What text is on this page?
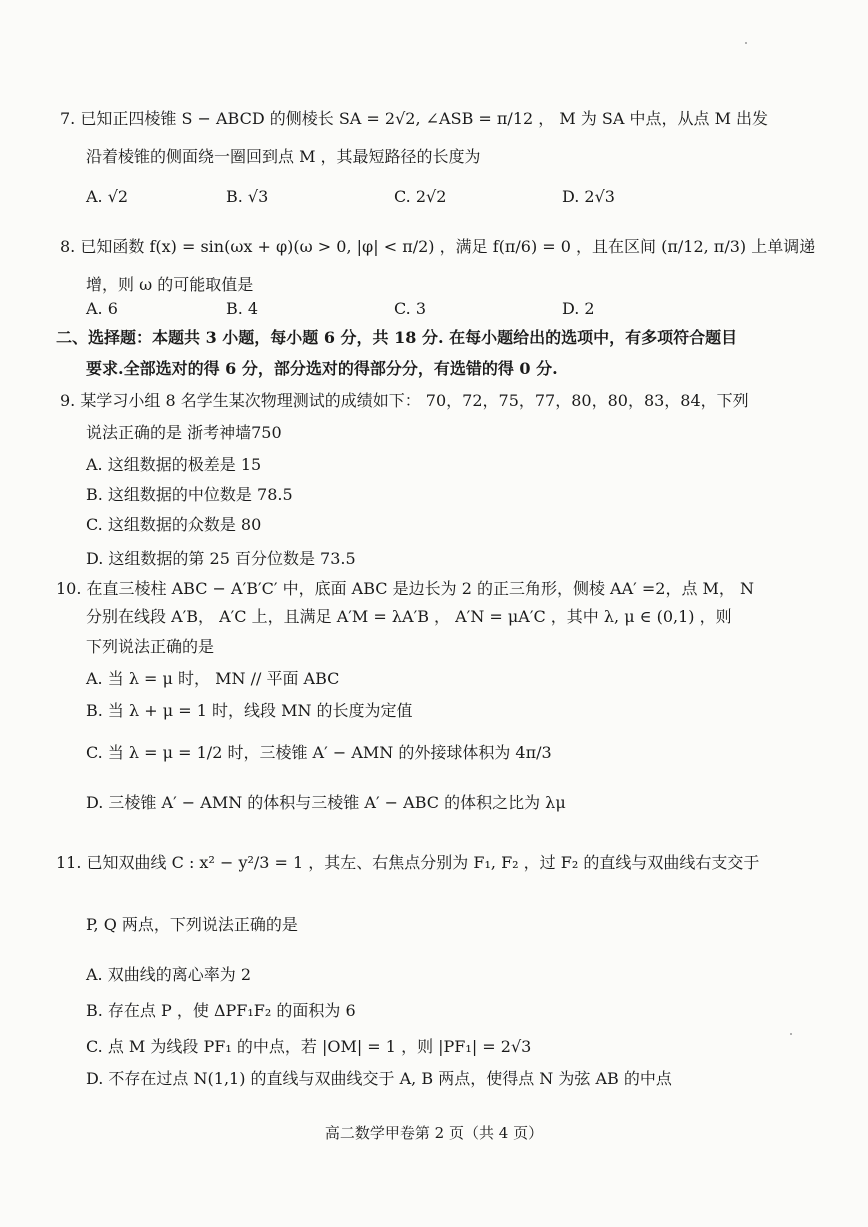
7. 已知正四棱锥 S − ABCD 的侧棱长 SA = 2√2, ∠ASB = π/12 ， M 为 SA 中点，从点 M 出发
沿着棱锥的侧面绕一圈回到点 M ，其最短路径的长度为
A. √2	B. √3	C. 2√2	D. 2√3
8. 已知函数 f(x) = sin(ωx + φ)(ω > 0, |φ| < π/2) ，满足 f(π/6) = 0 ，且在区间 (π/12, π/3) 上单调递
增，则 ω 的可能取值是
A. 6	B. 4	C. 3	D. 2
二、选择题：本题共 3 小题，每小题 6 分，共 18 分. 在每小题给出的选项中，有多项符合题目
要求.全部选对的得 6 分，部分选对的得部分分，有选错的得 0 分.
9. 某学习小组 8 名学生某次物理测试的成绩如下： 70，72，75，77，80，80，83，84，下列
说法正确的是 浙考神墙750
A. 这组数据的极差是 15
B. 这组数据的中位数是 78.5
C. 这组数据的众数是 80
D. 这组数据的第 25 百分位数是 73.5
10. 在直三棱柱 ABC − A′B′C′ 中，底面 ABC 是边长为 2 的正三角形，侧棱 AA′ =2，点 M， N
分别在线段 A′B， A′C 上，且满足 A′M = λA′B ， A′N = μA′C ，其中 λ, μ ∈ (0,1) ，则
下列说法正确的是
A. 当 λ = μ 时， MN // 平面 ABC
B. 当 λ + μ = 1 时，线段 MN 的长度为定值
C. 当 λ = μ = 1/2 时，三棱锥 A′ − AMN 的外接球体积为 4π/3
D. 三棱锥 A′ − AMN 的体积与三棱锥 A′ − ABC 的体积之比为 λμ
11. 已知双曲线 C : x² − y²/3 = 1 ，其左、右焦点分别为 F₁, F₂ ，过 F₂ 的直线与双曲线右支交于
P, Q 两点，下列说法正确的是
A. 双曲线的离心率为 2
B. 存在点 P ，使 ΔPF₁F₂ 的面积为 6
C. 点 M 为线段 PF₁ 的中点，若 |OM| = 1 ，则 |PF₁| = 2√3
D. 不存在过点 N(1,1) 的直线与双曲线交于 A, B 两点，使得点 N 为弦 AB 的中点
高二数学甲卷第 2 页（共 4 页）
